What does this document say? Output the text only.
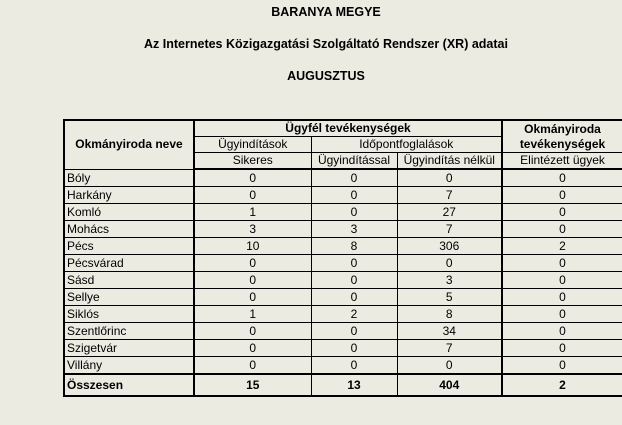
BARANYA MEGYE
Az Internetes Közigazgatási Szolgáltató Rendszer (XR) adatai
AUGUSZTUS
Okmányiroda neve	Ügyfél tevékenységek			Okmányiroda tevékenységek
	Ügyindítások	Időpontfoglalások		
	Sikeres	Ügyindítással	Ügyindítás nélkül	Elintézett ügyek
Bóly	0	0	0	0
Harkány	0	0	7	0
Komló	1	0	27	0
Mohács	3	3	7	0
Pécs	10	8	306	2
Pécsvárad	0	0	0	0
Sásd	0	0	3	0
Sellye	0	0	5	0
Siklós	1	2	8	0
Szentlőrinc	0	0	34	0
Szigetvár	0	0	7	0
Villány	0	0	0	0
Összesen	15	13	404	2
